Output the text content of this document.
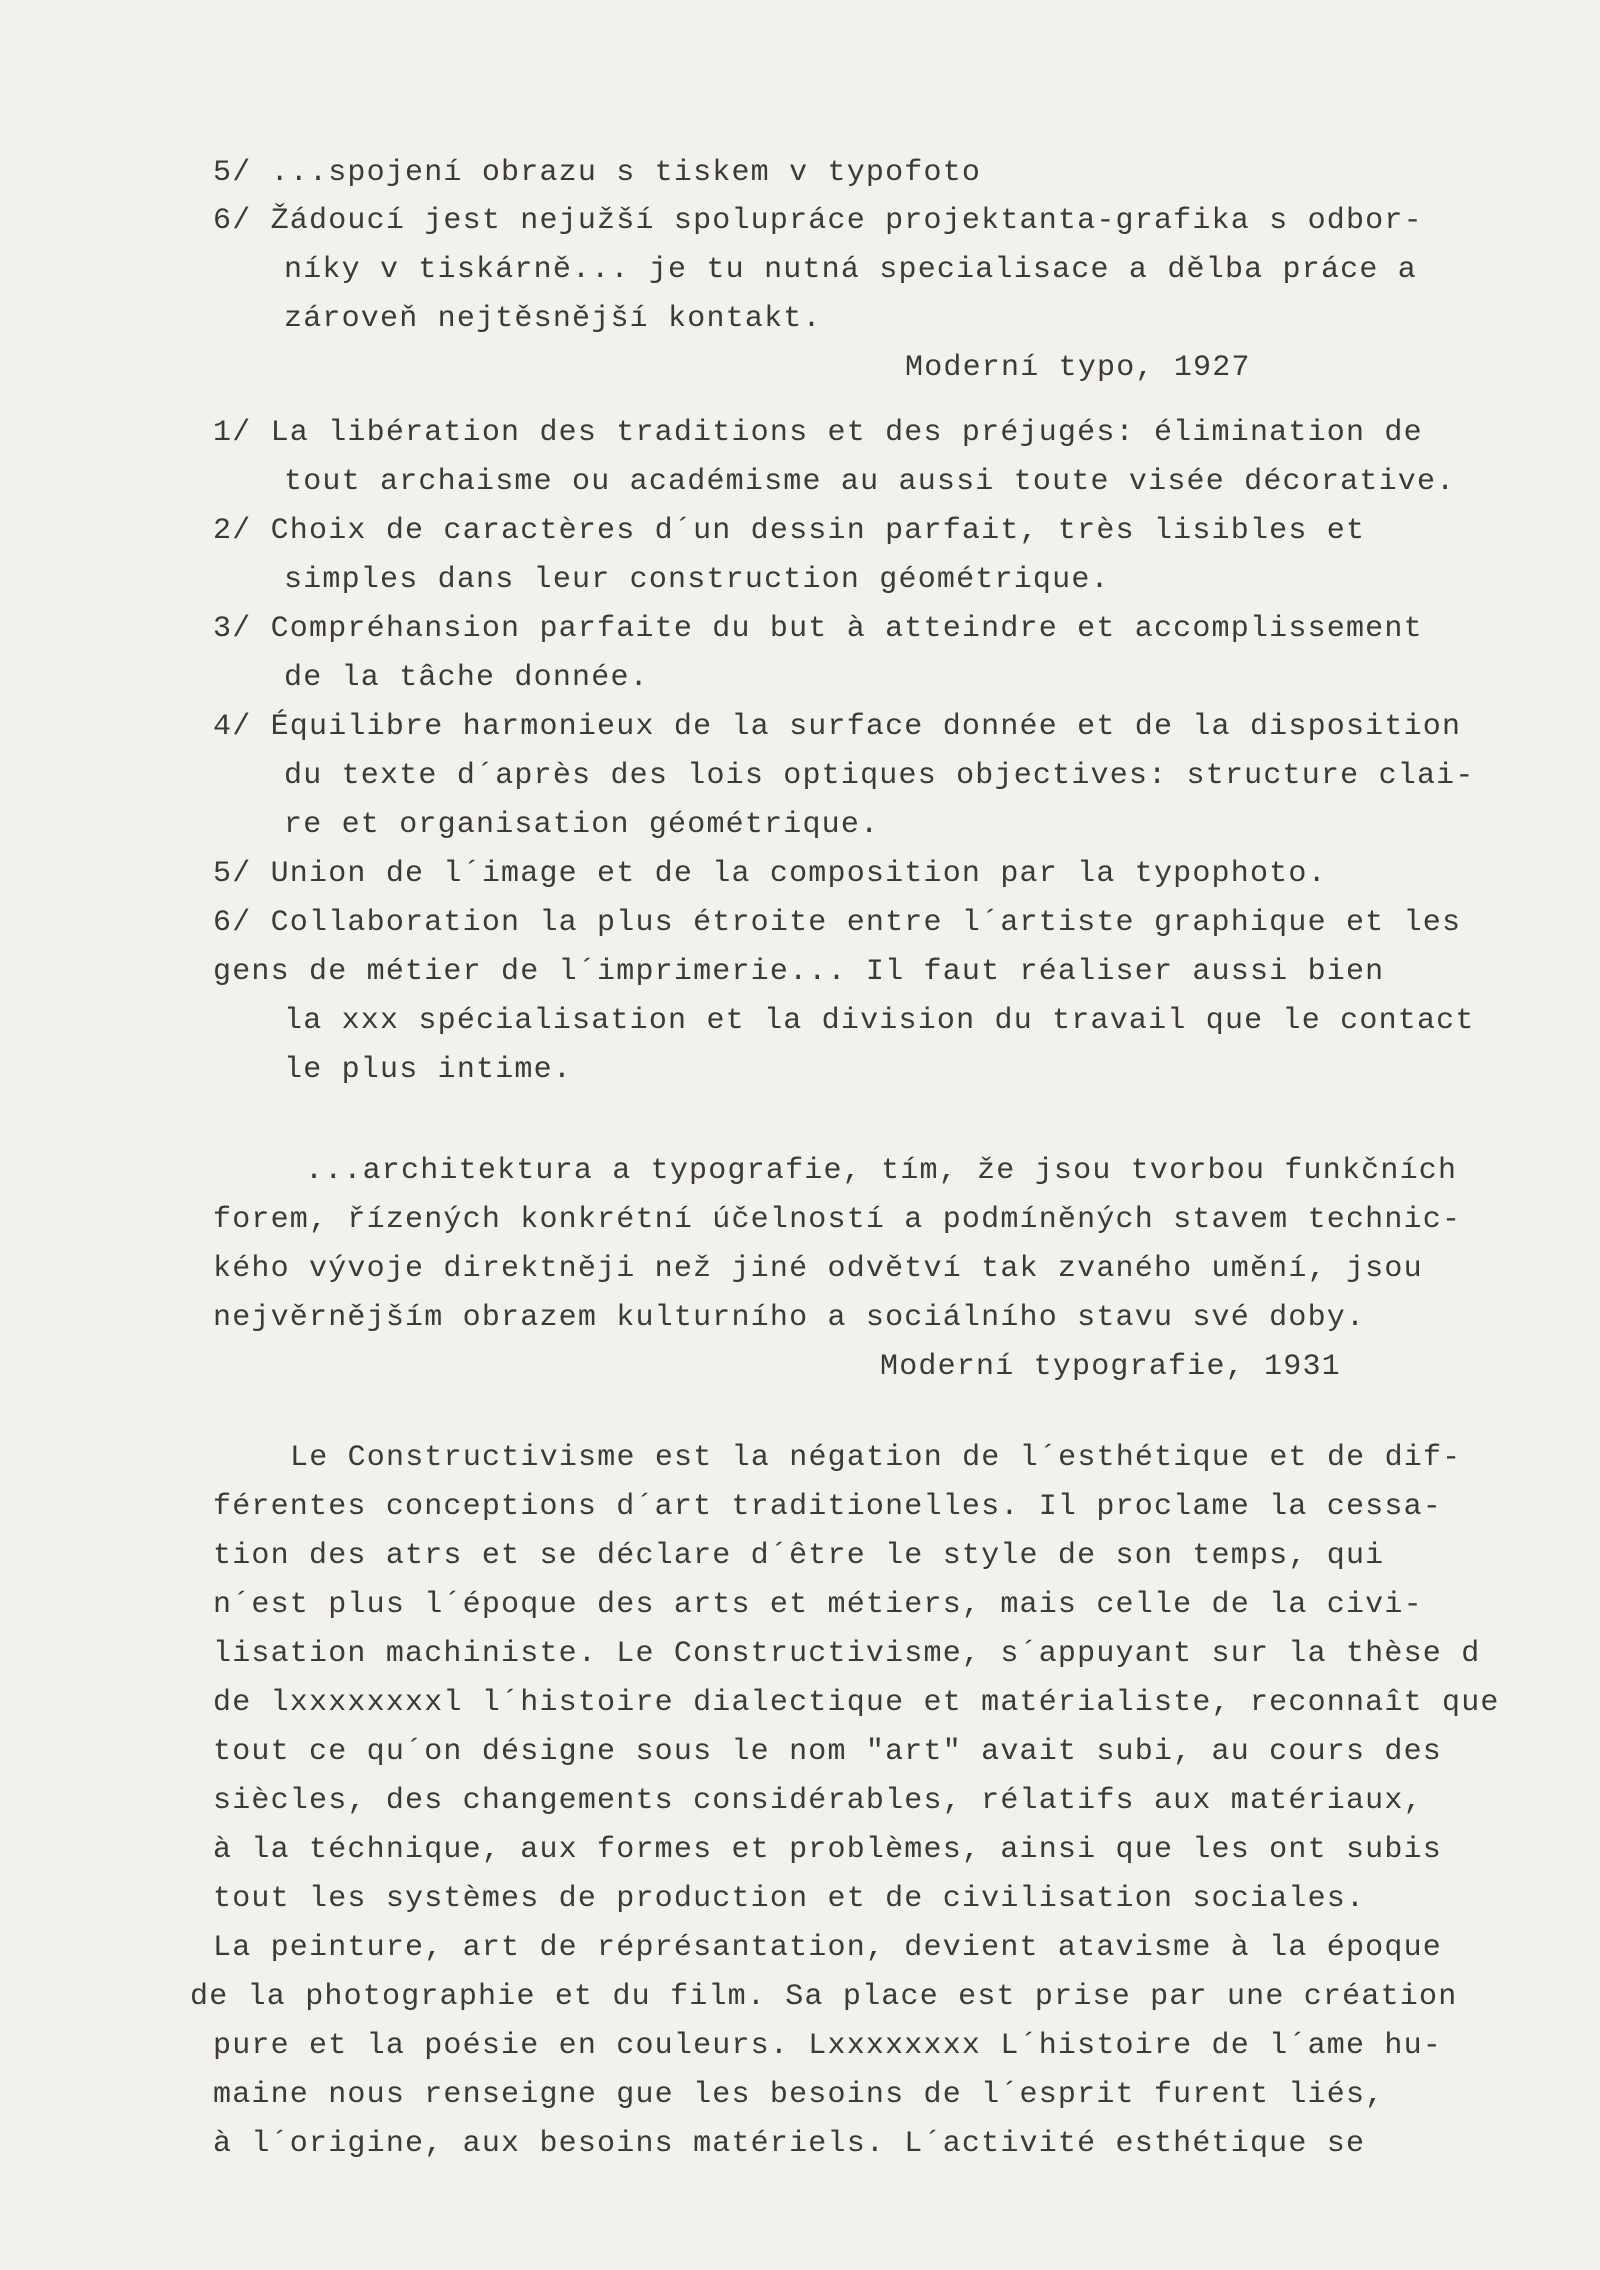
5/ ...spojení obrazu s tiskem v typofoto
6/ Žádoucí jest nejužší spolupráce projektanta-grafika s odbor-
níky v tiskárně... je tu nutná specialisace a dělba práce a
zároveň nejtěsnější kontakt.
Moderní typo, 1927
1/ La libération des traditions et des préjugés: élimination de
tout archaisme ou académisme au aussi toute visée décorative.
2/ Choix de caractères d´un dessin parfait, très lisibles et
simples dans leur construction géométrique.
3/ Compréhansion parfaite du but à atteindre et accomplissement
de la tâche donnée.
4/ Équilibre harmonieux de la surface donnée et de la disposition
du texte d´après des lois optiques objectives: structure clai-
re et organisation géométrique.
5/ Union de l´image et de la composition par la typophoto.
6/ Collaboration la plus étroite entre l´artiste graphique et les
gens de métier de l´imprimerie... Il faut réaliser aussi bien
la xxx spécialisation et la division du travail que le contact
le plus intime.
...architektura a typografie, tím, že jsou tvorbou funkčních
forem, řízených konkrétní účelností a podmíněných stavem technic-
kého vývoje direktněji než jiné odvětví tak zvaného umění, jsou
nejvěrnějším obrazem kulturního a sociálního stavu své doby.
Moderní typografie, 1931
Le Constructivisme est la négation de l´esthétique et de dif-
férentes conceptions d´art traditionelles. Il proclame la cessa-
tion des atrs et se déclare d´être le style de son temps, qui
n´est plus l´époque des arts et métiers, mais celle de la civi-
lisation machiniste. Le Constructivisme, s´appuyant sur la thèse d
de lxxxxxxxxl l´histoire dialectique et matérialiste, reconnaît que
tout ce qu´on désigne sous le nom "art" avait subi, au cours des
siècles, des changements considérables, rélatifs aux matériaux,
à la téchnique, aux formes et problèmes, ainsi que les ont subis
tout les systèmes de production et de civilisation sociales.
La peinture, art de réprésantation, devient atavisme à la époque
de la photographie et du film. Sa place est prise par une création
pure et la poésie en couleurs. Lxxxxxxxx L´histoire de l´ame hu-
maine nous renseigne gue les besoins de l´esprit furent liés,
à l´origine, aux besoins matériels. L´activité esthétique se
